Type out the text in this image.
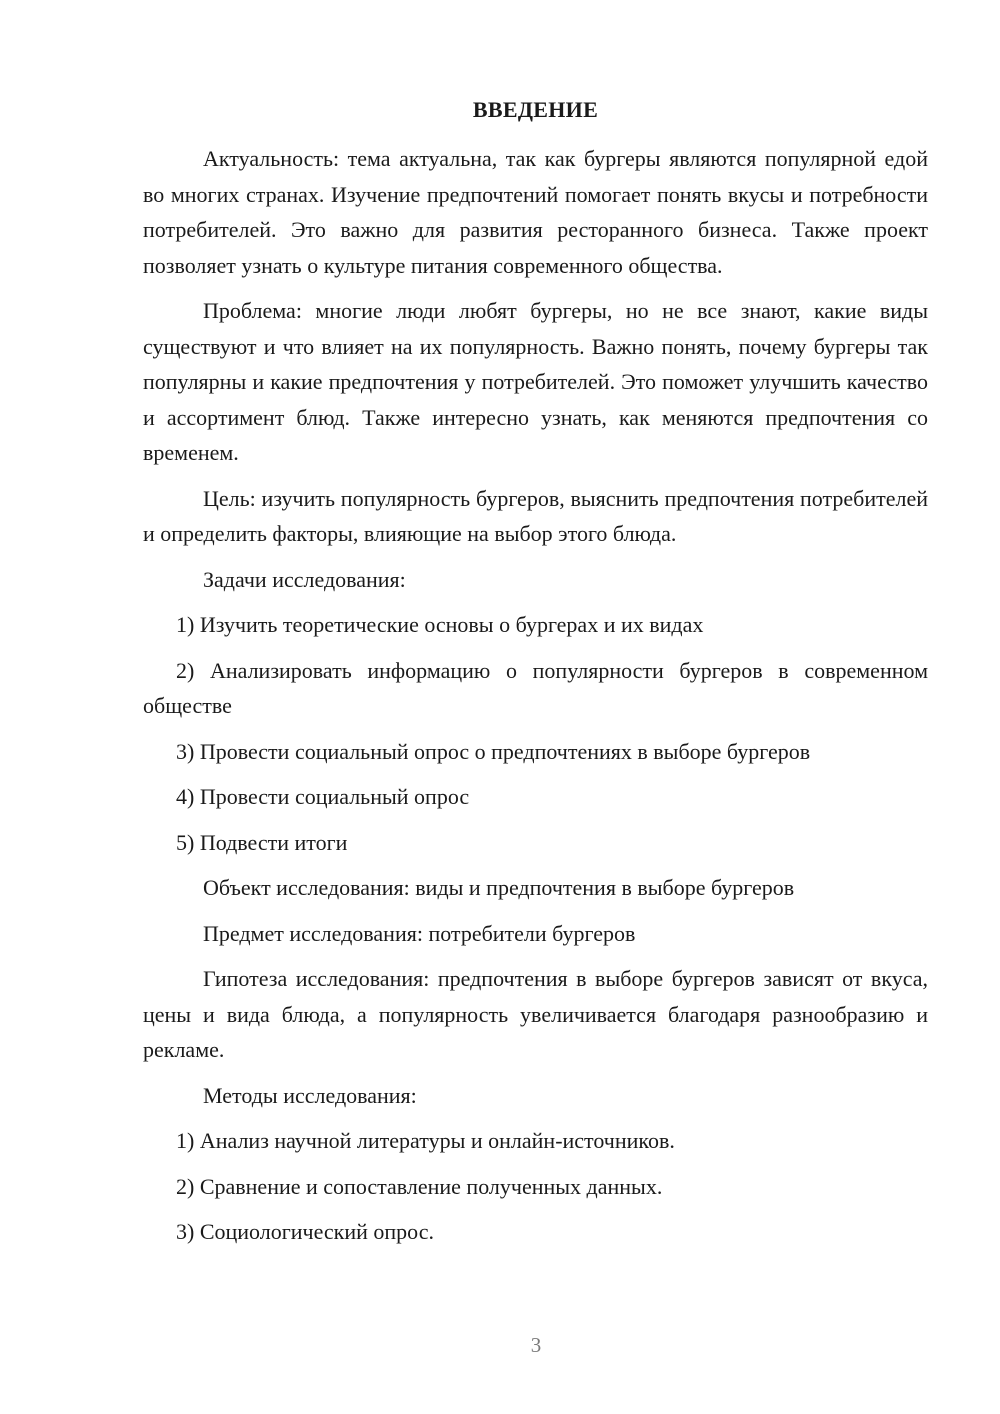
ВВЕДЕНИЕ

Актуальность: тема актуальна, так как бургеры являются популярной едой во многих странах. Изучение предпочтений помогает понять вкусы и потребности потребителей. Это важно для развития ресторанного бизнеса. Также проект позволяет узнать о культуре питания современного общества.

Проблема: многие люди любят бургеры, но не все знают, какие виды существуют и что влияет на их популярность. Важно понять, почему бургеры так популярны и какие предпочтения у потребителей. Это поможет улучшить качество и ассортимент блюд. Также интересно узнать, как меняются предпочтения со временем.

Цель: изучить популярность бургеров, выяснить предпочтения потребителей и определить факторы, влияющие на выбор этого блюда.

Задачи исследования:

1) Изучить теоретические основы о бургерах и их видах

2) Анализировать информацию о популярности бургеров в современном обществе

3) Провести социальный опрос о предпочтениях в выборе бургеров

4) Провести социальный опрос

5) Подвести итоги

Объект исследования: виды и предпочтения в выборе бургеров

Предмет исследования: потребители бургеров

Гипотеза исследования: предпочтения в выборе бургеров зависят от вкуса, цены и вида блюда, а популярность увеличивается благодаря разнообразию и рекламе.

Методы исследования:

1) Анализ научной литературы и онлайн-источников.

2) Сравнение и сопоставление полученных данных.

3) Социологический опрос.

3
